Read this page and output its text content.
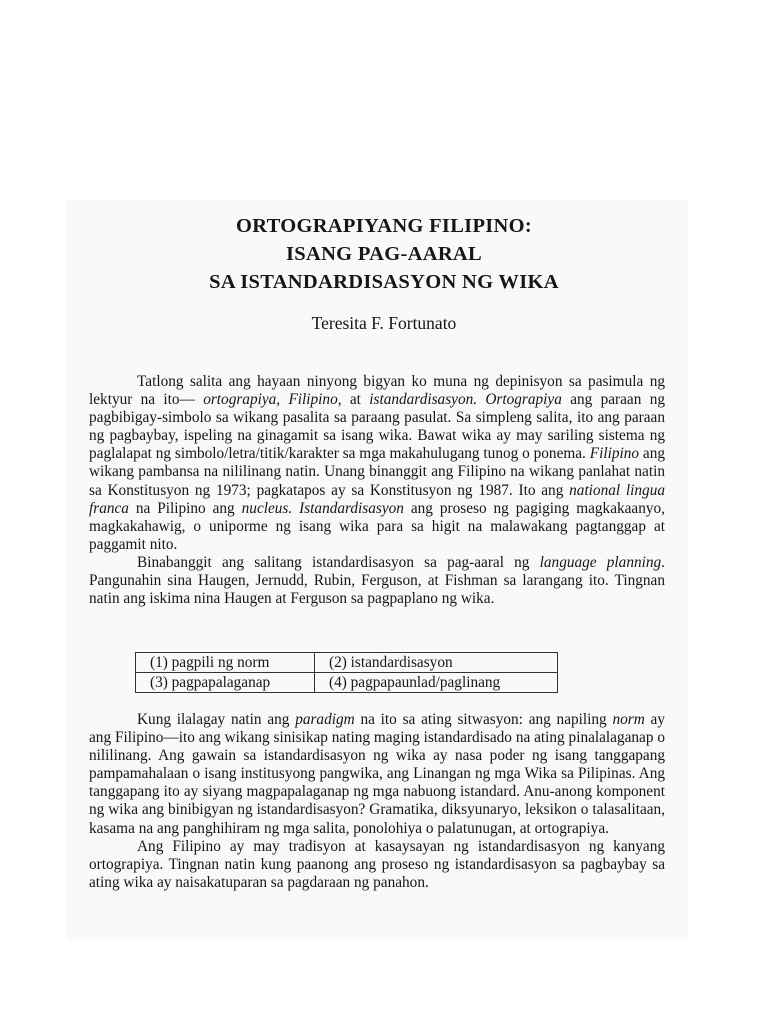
ORTOGRAPIYANG FILIPINO:
ISANG PAG-AARAL
SA ISTANDARDISASYON NG WIKA
Teresita F. Fortunato

Tatlong salita ang hayaan ninyong bigyan ko muna ng depinisyon sa pasimula ng lektyur na ito— ortograpiya, Filipino, at istandardisasyon. Ortograpiya ang paraan ng pagbibigay-simbolo sa wikang pasalita sa paraang pasulat. Sa simpleng salita, ito ang paraan ng pagbaybay, ispeling na ginagamit sa isang wika. Bawat wika ay may sariling sistema ng paglalapat ng simbolo/letra/titik/karakter sa mga makahulugang tunog o ponema. Filipino ang wikang pambansa na nililinang natin. Unang binanggit ang Filipino na wikang panlahat natin sa Konstitusyon ng 1973; pagkatapos ay sa Konstitusyon ng 1987. Ito ang national lingua franca na Pilipino ang nucleus. Istandardisasyon ang proseso ng pagiging magkakaanyo, magkakahawig, o uniporme ng isang wika para sa higit na malawakang pagtanggap at paggamit nito.

Binabanggit ang salitang istandardisasyon sa pag-aaral ng language planning. Pangunahin sina Haugen, Jernudd, Rubin, Ferguson, at Fishman sa larangang ito. Tingnan natin ang iskima nina Haugen at Ferguson sa pagpaplano ng wika.

(1) pagpili ng norm	(2) istandardisasyon
(3) pagpapalaganap	(4) pagpapaunlad/paglinang

Kung ilalagay natin ang paradigm na ito sa ating sitwasyon: ang napiling norm ay ang Filipino—ito ang wikang sinisikap nating maging istandardisado na ating pinalalaganap o nililinang. Ang gawain sa istandardisasyon ng wika ay nasa poder ng isang tanggapang pampamahalaan o isang institusyong pangwika, ang Linangan ng mga Wika sa Pilipinas. Ang tanggapang ito ay siyang magpapalaganap ng mga nabuong istandard. Anu-anong komponent ng wika ang binibigyan ng istandardisasyon? Gramatika, diksyunaryo, leksikon o talasalitaan, kasama na ang panghihiram ng mga salita, ponolohiya o palatunugan, at ortograpiya.

Ang Filipino ay may tradisyon at kasaysayan ng istandardisasyon ng kanyang ortograpiya. Tingnan natin kung paanong ang proseso ng istandardisasyon sa pagbaybay sa ating wika ay naisakatuparan sa pagdaraan ng panahon.
